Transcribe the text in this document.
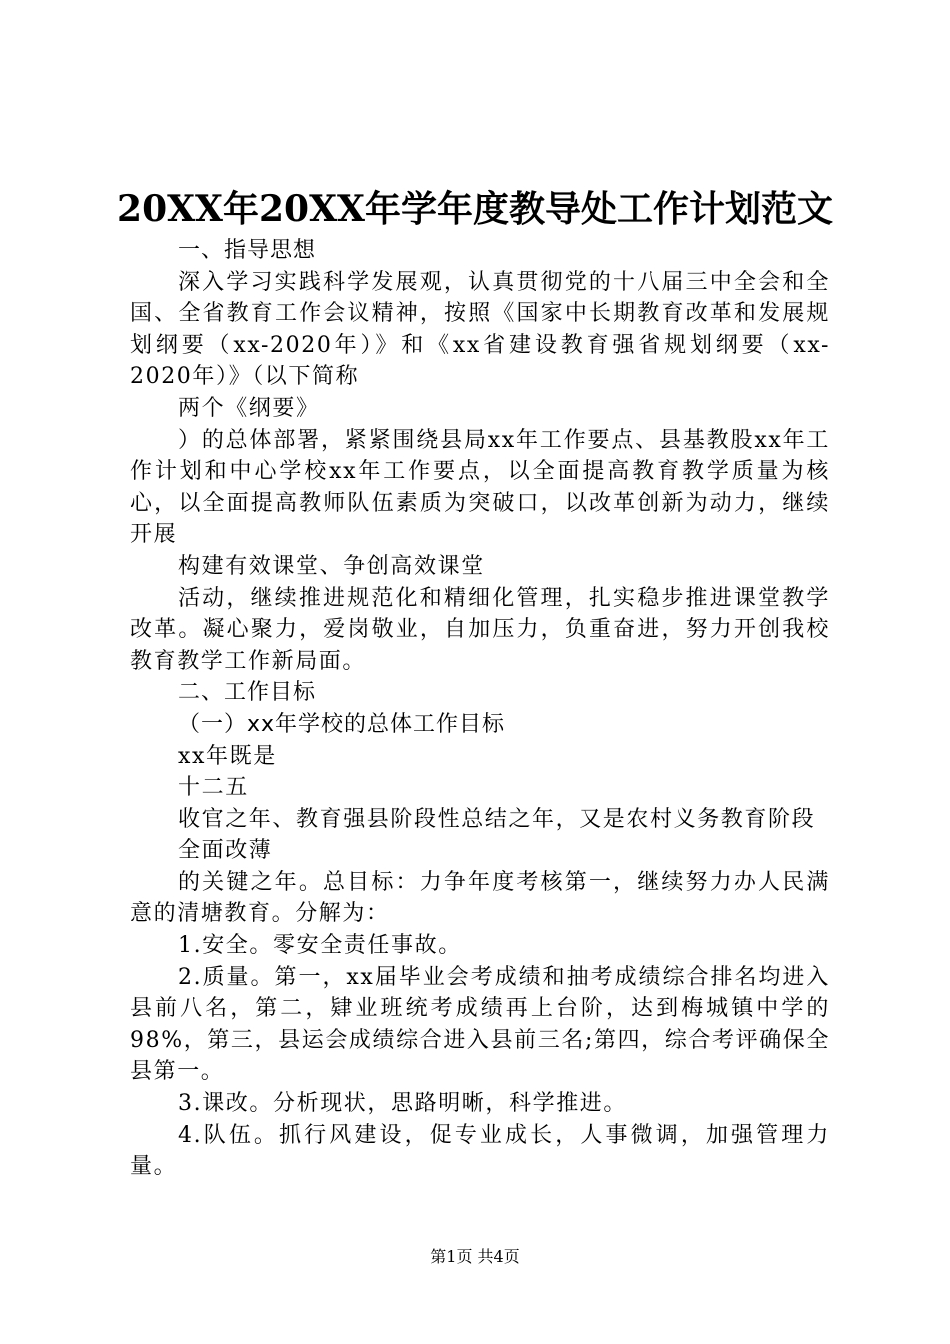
20XX年20XX年学年度教导处工作计划范文
一、指导思想

深入学习实践科学发展观，认真贯彻党的十八届三中全会和全国、全省教育工作会议精神，按照《国家中长期教育改革和发展规划纲要（xx-2020年）》和《xx省建设教育强省规划纲要（xx-2020年）》（以下简称

两个《纲要》

）的总体部署，紧紧围绕县局xx年工作要点、县基教股xx年工作计划和中心学校xx年工作要点，以全面提高教育教学质量为核心，以全面提高教师队伍素质为突破口，以改革创新为动力，继续开展

构建有效课堂、争创高效课堂

活动，继续推进规范化和精细化管理，扎实稳步推进课堂教学改革。凝心聚力，爱岗敬业，自加压力，负重奋进，努力开创我校教育教学工作新局面。

二、工作目标
（一）xx年学校的总体工作目标

xx年既是

十二五

收官之年、教育强县阶段性总结之年，又是农村义务教育阶段

全面改薄

的关键之年。总目标：力争年度考核第一，继续努力办人民满意的清塘教育。分解为：

1.安全。零安全责任事故。

2.质量。第一，xx届毕业会考成绩和抽考成绩综合排名均进入县前八名，第二，肄业班统考成绩再上台阶，达到梅城镇中学的98%，第三，县运会成绩综合进入县前三名;第四，综合考评确保全县第一。

3.课改。分析现状，思路明晰，科学推进。

4.队伍。抓行风建设，促专业成长，人事微调，加强管理力量。

第1页 共4页
